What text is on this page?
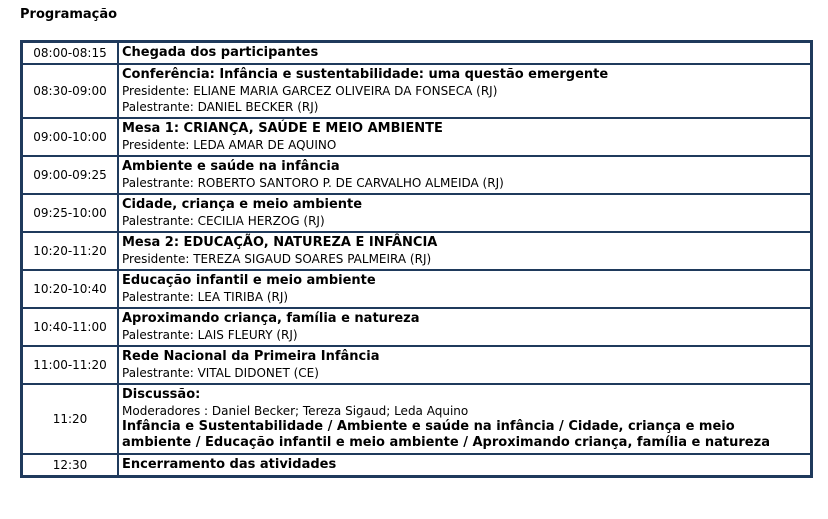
Programação
08:00-08:15	Chegada dos participantes

08:30-09:00	Conferência: Infância e sustentabilidade: uma questão emergente
Presidente: ELIANE MARIA GARCEZ OLIVEIRA DA FONSECA (RJ)
Palestrante: DANIEL BECKER (RJ)

09:00-10:00	Mesa 1: CRIANÇA, SAÚDE E MEIO AMBIENTE
Presidente: LEDA AMAR DE AQUINO

09:00-09:25	Ambiente e saúde na infância
Palestrante: ROBERTO SANTORO P. DE CARVALHO ALMEIDA (RJ)

09:25-10:00	Cidade, criança e meio ambiente
Palestrante: CECILIA HERZOG (RJ)

10:20-11:20	Mesa 2: EDUCAÇÃO, NATUREZA E INFÂNCIA
Presidente: TEREZA SIGAUD SOARES PALMEIRA (RJ)

10:20-10:40	Educação infantil e meio ambiente
Palestrante: LEA TIRIBA (RJ)

10:40-11:00	Aproximando criança, família e natureza
Palestrante: LAIS FLEURY (RJ)

11:00-11:20	Rede Nacional da Primeira Infância
Palestrante: VITAL DIDONET (CE)

11:20	Discussão:
Moderadores : Daniel Becker; Tereza Sigaud; Leda Aquino
Infância e Sustentabilidade / Ambiente e saúde na infância / Cidade, criança e meio ambiente / Educação infantil e meio ambiente / Aproximando criança, família e natureza

12:30	Encerramento das atividades
